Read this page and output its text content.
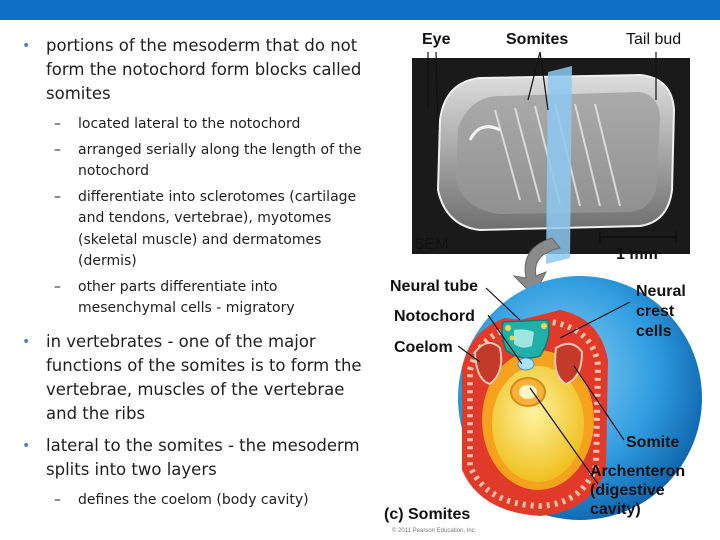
• portions of the mesoderm that do not form the notochord form blocks called somites
– located lateral to the notochord
– arranged serially along the length of the notochord
– differentiate into sclerotomes (cartilage and tendons, vertebrae), myotomes (skeletal muscle) and dermatomes (dermis)
– other parts differentiate into mesenchymal cells - migratory
• in vertebrates - one of the major functions of the somites is to form the vertebrae, muscles of the vertebrae and the ribs
• lateral to the somites - the mesoderm splits into two layers
– defines the coelom (body cavity)
Eye	Somites	Tail bud
SEM
1 mm
Neural tube
Notochord
Coelom
Neural
crest
cells
Somite
Archenteron
(digestive
cavity)
(c) Somites
© 2011 Pearson Education, Inc.
